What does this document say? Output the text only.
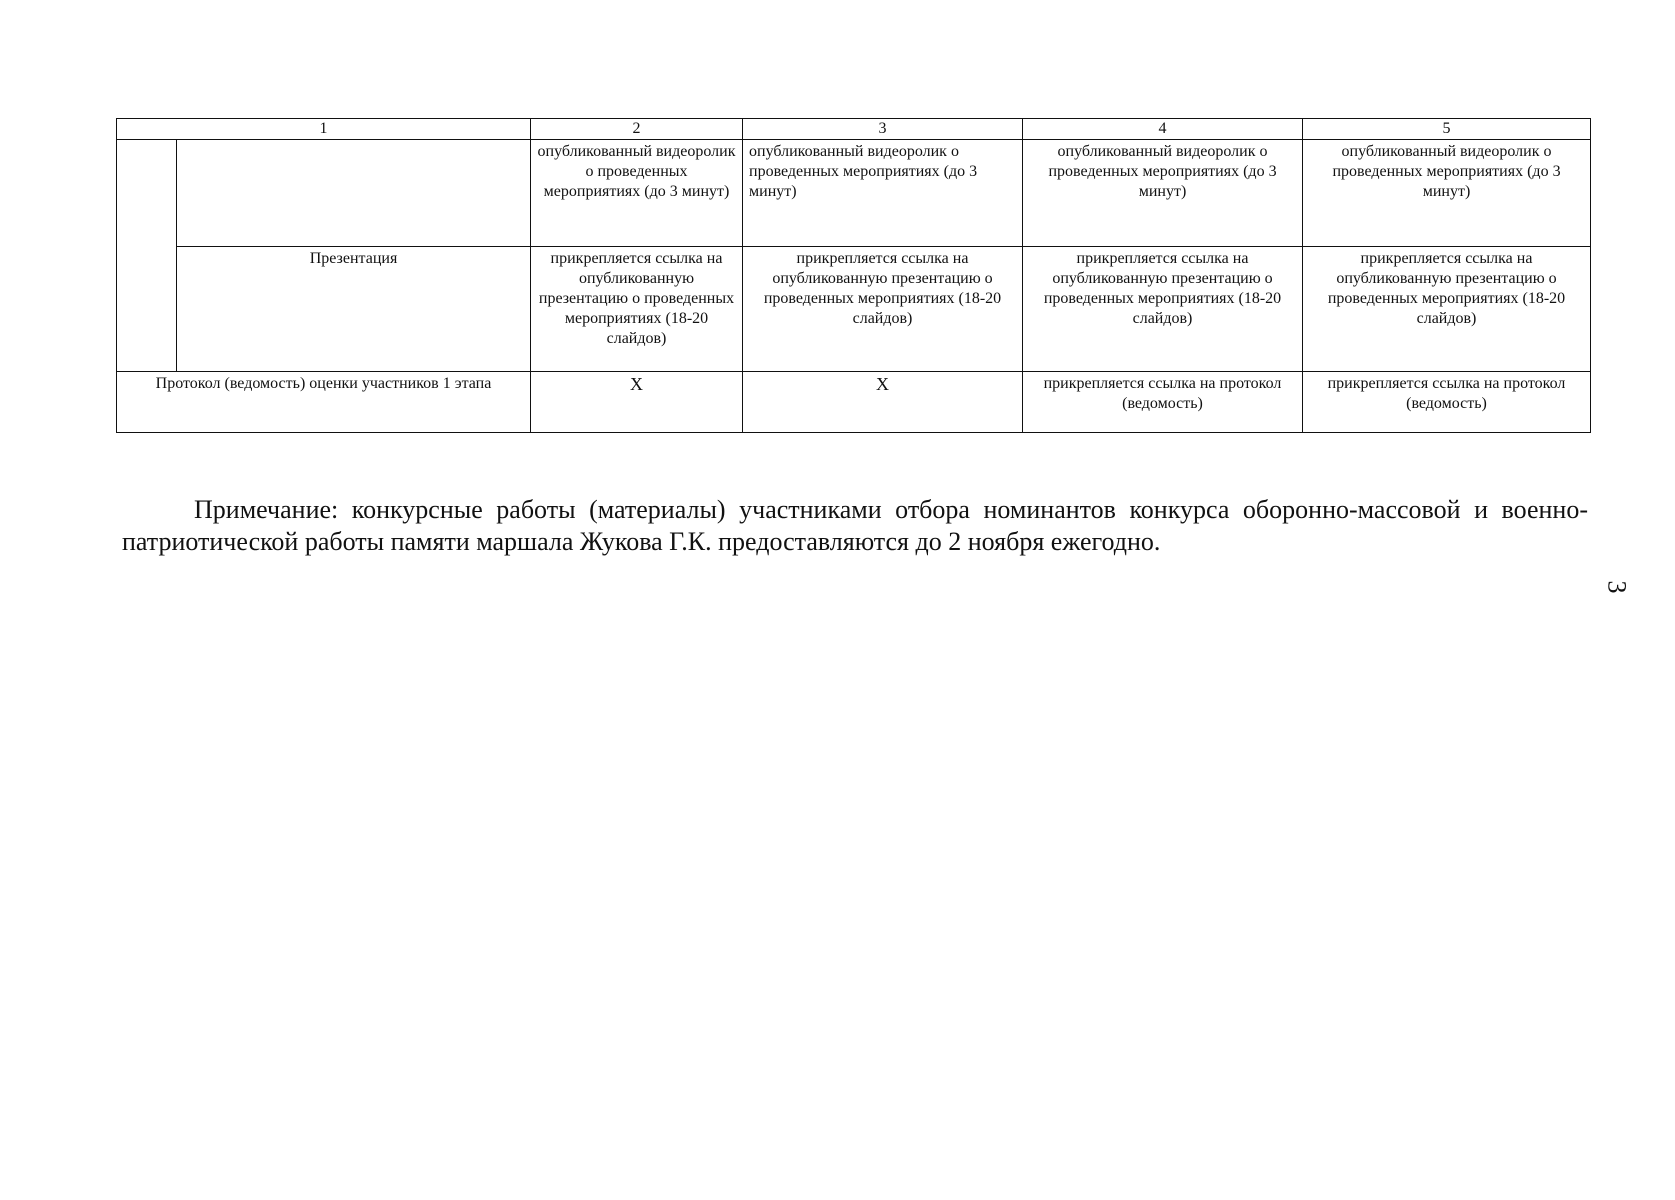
1		2	3	4	5

		опубликованный видеоролик о проведенных мероприятиях (до 3 минут)	опубликованный видеоролик о проведенных мероприятиях (до 3 минут)	опубликованный видеоролик о проведенных мероприятиях (до 3 минут)	опубликованный видеоролик о проведенных мероприятиях (до 3 минут)

	Презентация	прикрепляется ссылка на опубликованную презентацию о проведенных мероприятиях (18-20 слайдов)	прикрепляется ссылка на опубликованную презентацию о проведенных мероприятиях (18-20 слайдов)	прикрепляется ссылка на опубликованную презентацию о проведенных мероприятиях (18-20 слайдов)	прикрепляется ссылка на опубликованную презентацию о проведенных мероприятиях (18-20 слайдов)

Протокол (ведомость) оценки участников 1 этапа		Х	Х	прикрепляется ссылка на протокол (ведомость)	прикрепляется ссылка на протокол (ведомость)

Примечание: конкурсные работы (материалы) участниками отбора номинантов конкурса оборонно-массовой и военно-патриотической работы памяти маршала Жукова Г.К. предоставляются до 2 ноября ежегодно.

3
